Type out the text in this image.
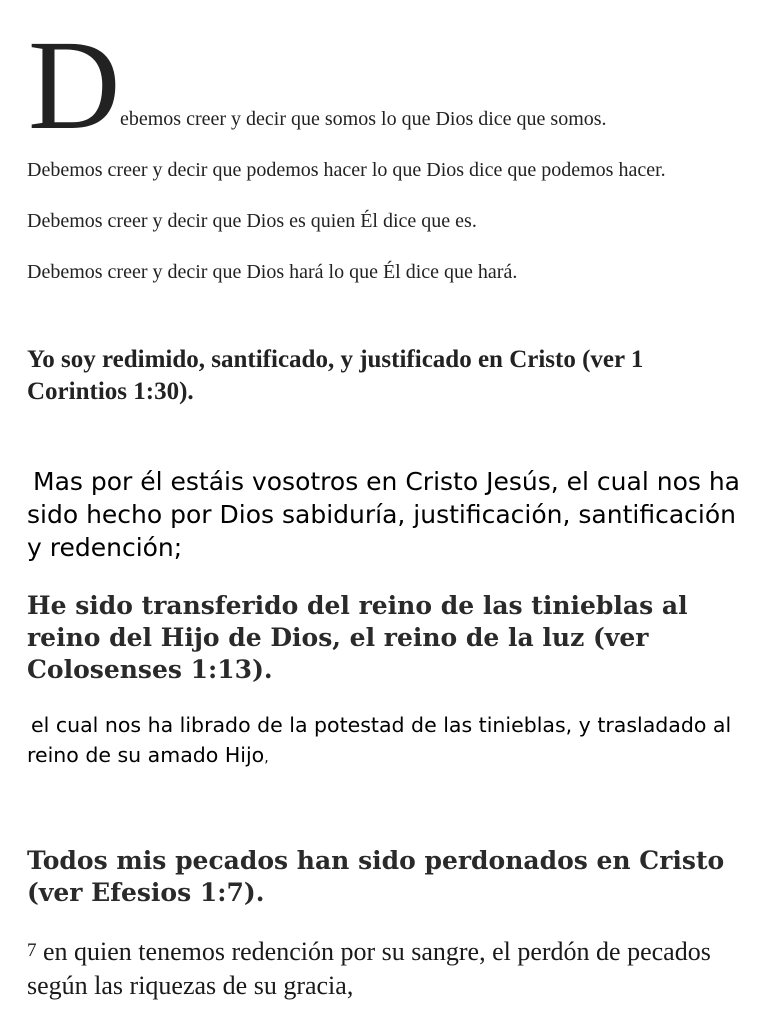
D ebemos creer y decir que somos lo que Dios dice que somos.
Debemos creer y decir que podemos hacer lo que Dios dice que podemos hacer.
Debemos creer y decir que Dios es quien Él dice que es.
Debemos creer y decir que Dios hará lo que Él dice que hará.
Yo soy redimido, santificado, y justificado en Cristo (ver 1 Corintios 1:30).
Mas por él estáis vosotros en Cristo Jesús, el cual nos ha sido hecho por Dios sabiduría, justificación, santificación y redención;
He sido transferido del reino de las tinieblas al reino del Hijo de Dios, el reino de la luz (ver Colosenses 1:13).
el cual nos ha librado de la potestad de las tinieblas, y trasladado al reino de su amado Hijo,
Todos mis pecados han sido perdonados en Cristo (ver Efesios 1:7).
7 en quien tenemos redención por su sangre, el perdón de pecados según las riquezas de su gracia,
